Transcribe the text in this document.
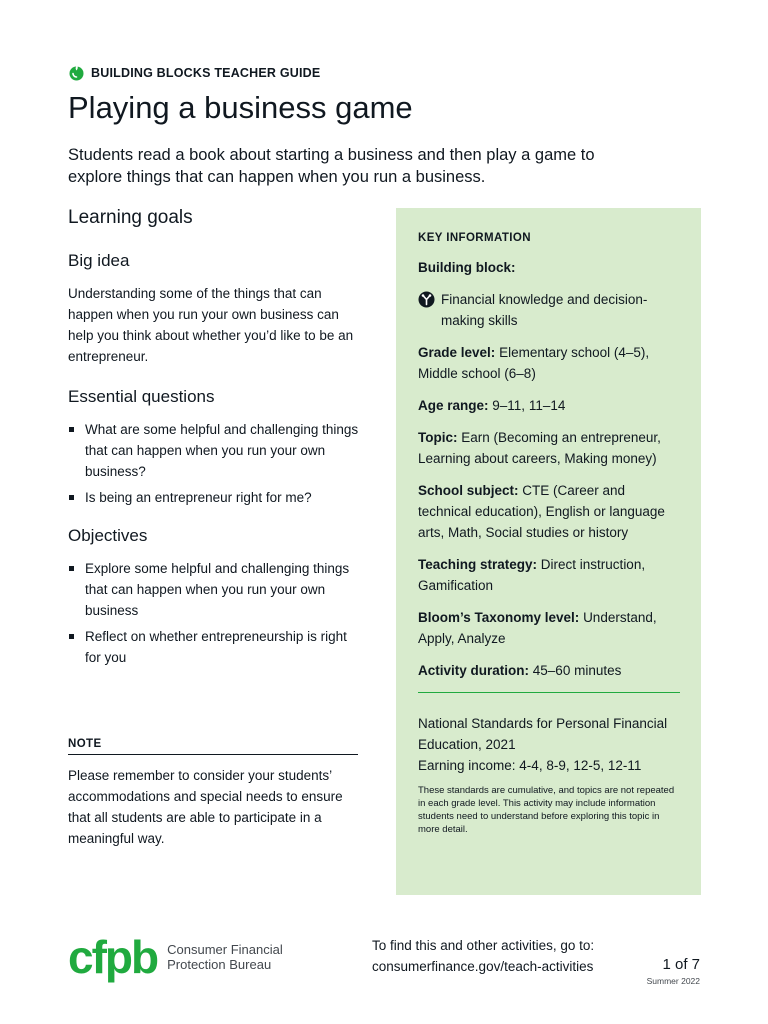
BUILDING BLOCKS TEACHER GUIDE
Playing a business game

Students read a book about starting a business and then play a game to explore things that can happen when you run a business.

Learning goals
Big idea

Understanding some of the things that can happen when you run your own business can help you think about whether you’d like to be an entrepreneur.

Essential questions
What are some helpful and challenging things that can happen when you run your own business?
Is being an entrepreneur right for me?
Objectives
Explore some helpful and challenging things that can happen when you run your own business
Reflect on whether entrepreneurship is right for you
NOTE

Please remember to consider your students’ accommodations and special needs to ensure that all students are able to participate in a meaningful way.

KEY INFORMATION

Building block:

Financial knowledge and decision-making skills

Grade level: Elementary school (4–5), Middle school (6–8)

Age range: 9–11, 11–14

Topic: Earn (Becoming an entrepreneur, Learning about careers, Making money)

School subject: CTE (Career and technical education), English or language arts, Math, Social studies or history

Teaching strategy: Direct instruction, Gamification

Bloom’s Taxonomy level: Understand, Apply, Analyze

Activity duration: 45–60 minutes

National Standards for Personal Financial Education, 2021

Earning income: 4-4, 8-9, 12-5, 12-11

These standards are cumulative, and topics are not repeated in each grade level. This activity may include information students need to understand before exploring this topic in more detail.

cfpb Consumer Financial
Protection Bureau

To find this and other activities, go to:

consumerfinance.gov/teach-activities	1 of 7
Summer 2022
